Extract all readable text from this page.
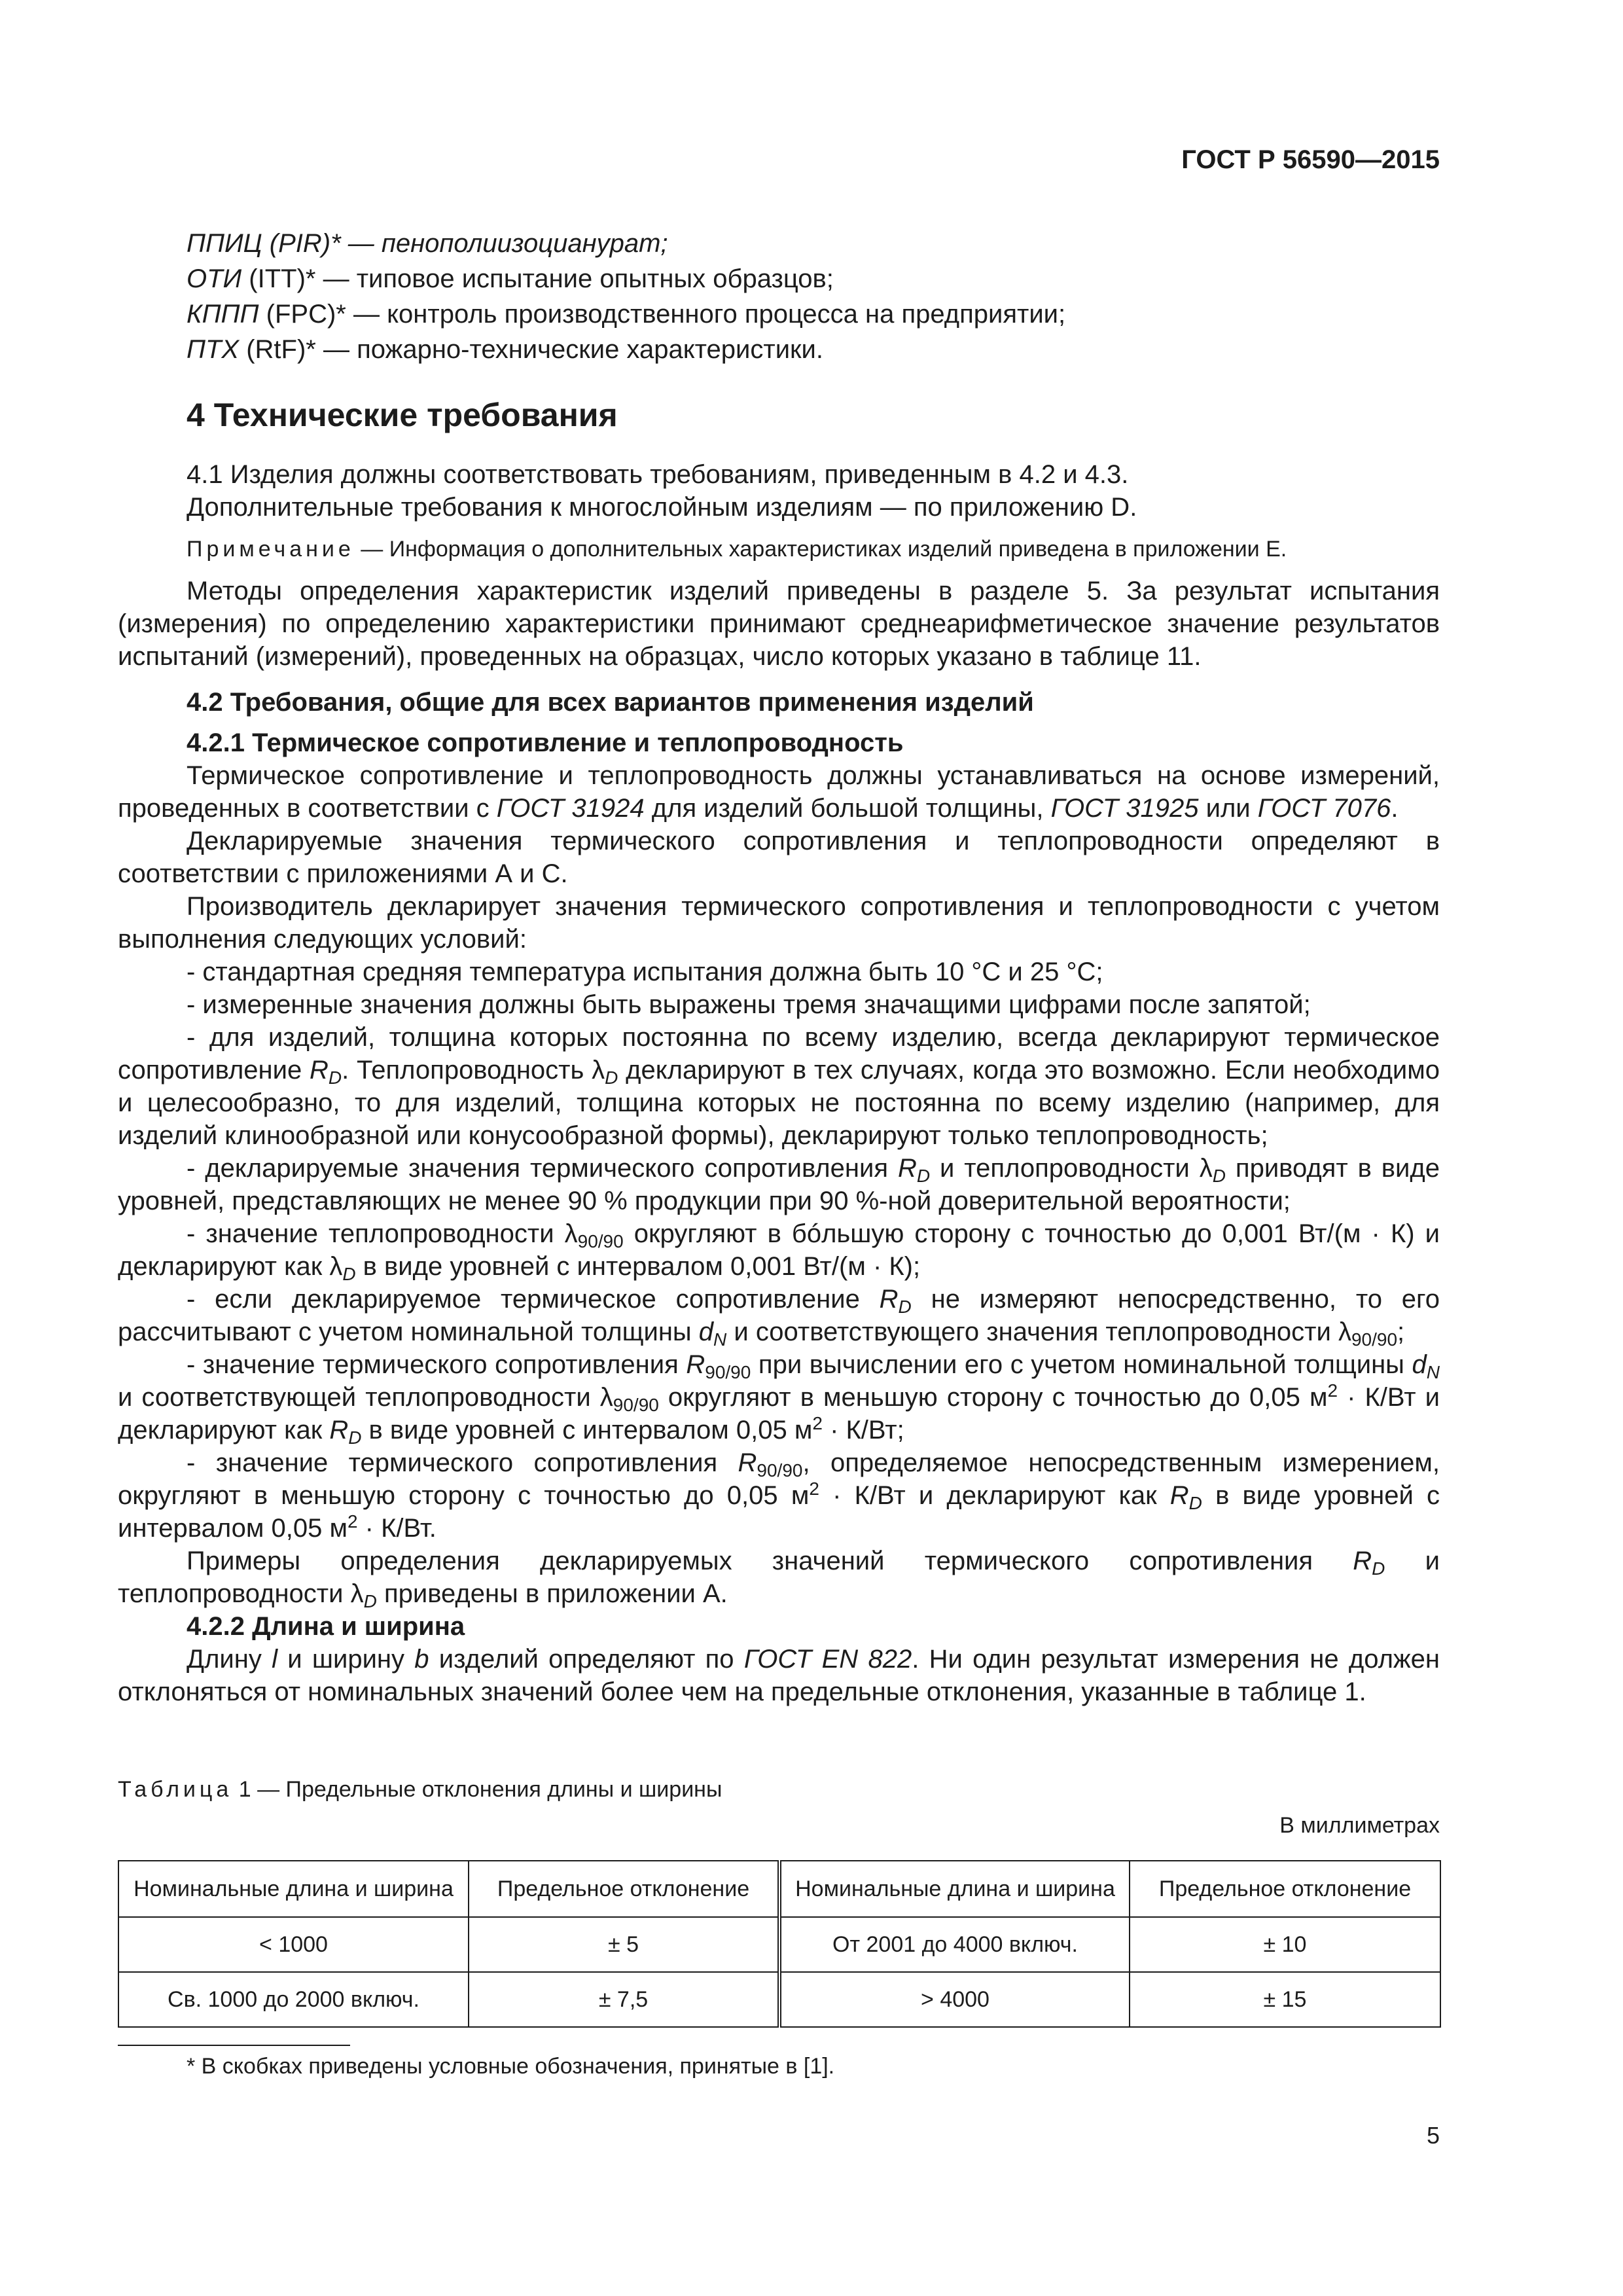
ГОСТ Р 56590—2015

ППИЦ (PIR)* — пенополиизоцианурат;

ОТИ (ITT)* — типовое испытание опытных образцов;

КППП (FPC)* — контроль производственного процесса на предприятии;

ПТХ (RtF)* — пожарно-технические характеристики.

4 Технические требования

4.1 Изделия должны соответствовать требованиям, приведенным в 4.2 и 4.3.

Дополнительные требования к многослойным изделиям — по приложению D.

Примечание — Информация о дополнительных характеристиках изделий приведена в приложении Е.

Методы определения характеристик изделий приведены в разделе 5. За результат испытания (измерения) по определению характеристики принимают среднеарифметическое значение результатов испытаний (измерений), проведенных на образцах, число которых указано в таблице 11.

4.2 Требования, общие для всех вариантов применения изделий

4.2.1 Термическое сопротивление и теплопроводность

Термическое сопротивление и теплопроводность должны устанавливаться на основе измерений, проведенных в соответствии с ГОСТ 31924 для изделий большой толщины, ГОСТ 31925 или ГОСТ 7076.

Декларируемые значения термического сопротивления и теплопроводности определяют в соответствии с приложениями А и С.

Производитель декларирует значения термического сопротивления и теплопроводности с учетом выполнения следующих условий:

- стандартная средняя температура испытания должна быть 10 °С и 25 °С;

- измеренные значения должны быть выражены тремя значащими цифрами после запятой;

- для изделий, толщина которых постоянна по всему изделию, всегда декларируют термическое сопротивление $R_D$. Теплопроводность $\lambda_D$ декларируют в тех случаях, когда это возможно. Если необходимо и целесообразно, то для изделий, толщина которых не постоянна по всему изделию (например, для изделий клинообразной или конусообразной формы), декларируют только теплопроводность;

- декларируемые значения термического сопротивления $R_D$ и теплопроводности $\lambda_D$ приводят в виде уровней, представляющих не менее 90 % продукции при 90 %-ной доверительной вероятности;

- значение теплопроводности $\lambda_{90/90}$ округляют в бóльшую сторону с точностью до 0,001 Вт/(м · К) и декларируют как $\lambda_D$ в виде уровней с интервалом 0,001 Вт/(м · К);

- если декларируемое термическое сопротивление $R_D$ не измеряют непосредственно, то его рассчитывают с учетом номинальной толщины $d_N$ и соответствующего значения теплопроводности $\lambda_{90/90}$;

- значение термического сопротивления $R_{90/90}$ при вычислении его с учетом номинальной толщины $d_N$ и соответствующей теплопроводности $\lambda_{90/90}$ округляют в меньшую сторону с точностью до 0,05 $м^2 \cdot К/Вт$ и декларируют как $R_D$ в виде уровней с интервалом 0,05 $м^2 \cdot К/Вт$;

- значение термического сопротивления $R_{90/90}$, определяемое непосредственным измерением, округляют в меньшую сторону с точностью до 0,05 $м^2 \cdot К/Вт$ и декларируют как $R_D$ в виде уровней с интервалом 0,05 $м^2 \cdot К/Вт$.

Примеры определения декларируемых значений термического сопротивления $R_D$ и теплопроводности $\lambda_D$ приведены в приложении А.

4.2.2 Длина и ширина

Длину l и ширину b изделий определяют по ГОСТ EN 822. Ни один результат измерения не должен отклоняться от номинальных значений более чем на предельные отклонения, указанные в таблице 1.

Таблица 1 — Предельные отклонения длины и ширины
В миллиметрах
Номинальные длина и ширина	Предельное отклонение	Номинальные длина и ширина	Предельное отклонение
< 1000	± 5	От 2001 до 4000 включ.	± 10
Св. 1000 до 2000 включ.	± 7,5	> 4000	± 15
* В скобках приведены условные обозначения, принятые в [1].
5
